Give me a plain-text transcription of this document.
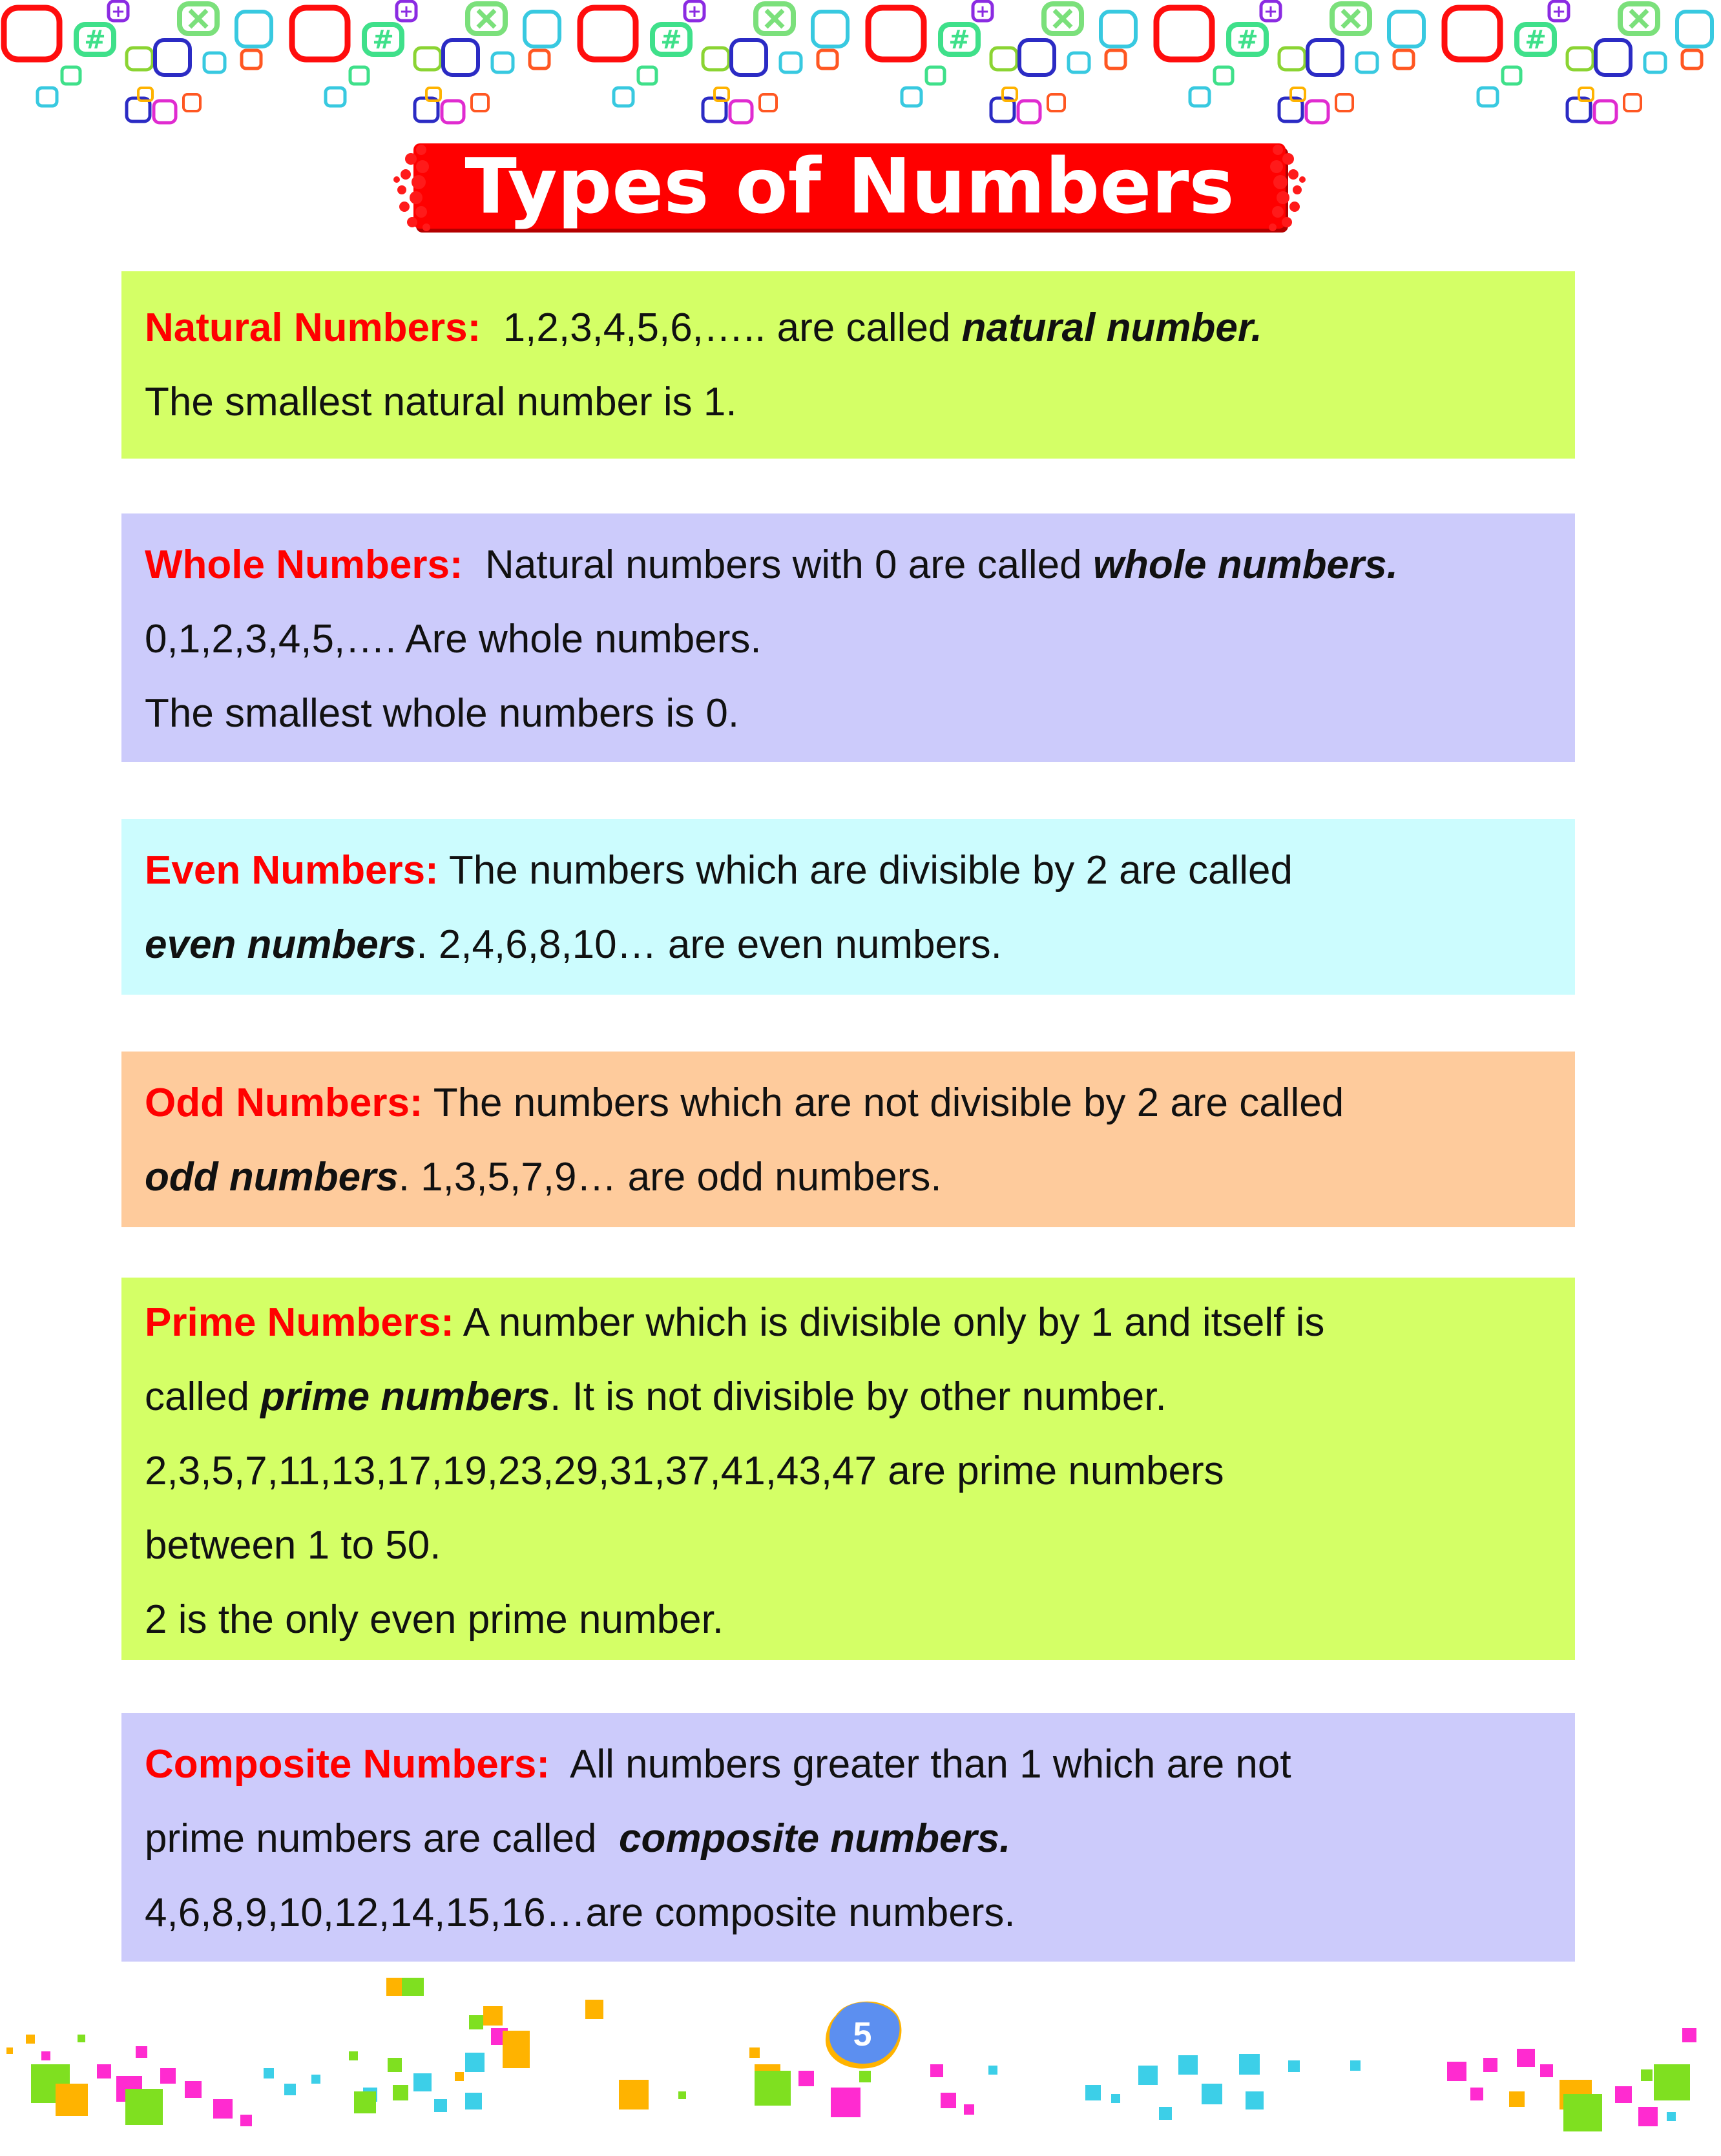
Types of Numbers
Natural Numbers:  1,2,3,4,5,6,….. are called natural number.
The smallest natural number is 1.
Whole Numbers:  Natural numbers with 0 are called whole numbers.
0,1,2,3,4,5,…. Are whole numbers.
The smallest whole numbers is 0.
Even Numbers: The numbers which are divisible by 2 are called
even numbers. 2,4,6,8,10… are even numbers.
Odd Numbers: The numbers which are not divisible by 2 are called
odd numbers. 1,3,5,7,9… are odd numbers.
Prime Numbers: A number which is divisible only by 1 and itself is
called prime numbers. It is not divisible by other number.
2,3,5,7,11,13,17,19,23,29,31,37,41,43,47 are prime numbers
between 1 to 50.
2 is the only even prime number.
Composite Numbers:  All numbers greater than 1 which are not
prime numbers are called  composite numbers.
4,6,8,9,10,12,14,15,16…are composite numbers.
5
